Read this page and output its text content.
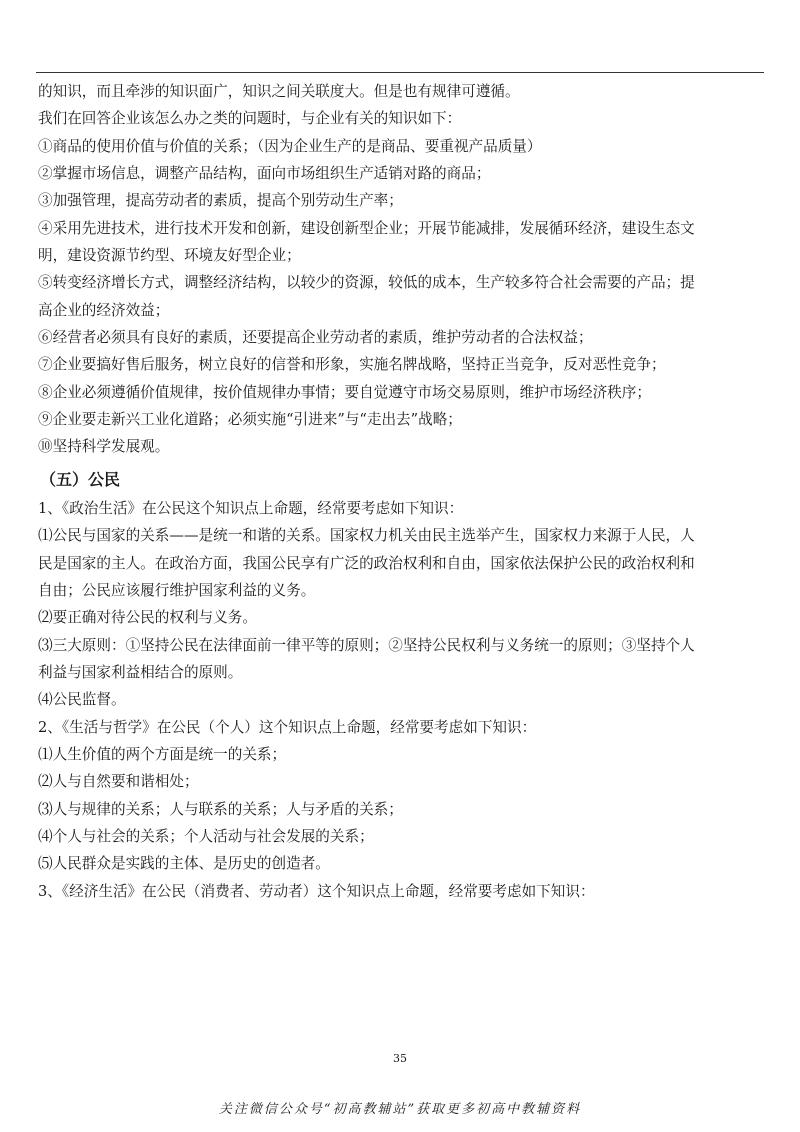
的知识，而且牵涉的知识面广，知识之间关联度大。但是也有规律可遵循。
我们在回答企业该怎么办之类的问题时，与企业有关的知识如下：
①商品的使用价值与价值的关系；（因为企业生产的是商品、要重视产品质量）
②掌握市场信息，调整产品结构，面向市场组织生产适销对路的商品；
③加强管理，提高劳动者的素质，提高个别劳动生产率；
④采用先进技术，进行技术开发和创新，建设创新型企业；开展节能减排，发展循环经济，建设生态文
明，建设资源节约型、环境友好型企业；
⑤转变经济增长方式，调整经济结构，以较少的资源，较低的成本，生产较多符合社会需要的产品；提
高企业的经济效益；
⑥经营者必须具有良好的素质，还要提高企业劳动者的素质，维护劳动者的合法权益；
⑦企业要搞好售后服务，树立良好的信誉和形象，实施名牌战略，坚持正当竞争，反对恶性竞争；
⑧企业必须遵循价值规律，按价值规律办事情；要自觉遵守市场交易原则，维护市场经济秩序；
⑨企业要走新兴工业化道路；必须实施“引进来”与“走出去”战略；
⑩坚持科学发展观。
（五）公民
1、《政治生活》在公民这个知识点上命题，经常要考虑如下知识：
⑴公民与国家的关系——是统一和谐的关系。国家权力机关由民主选举产生，国家权力来源于人民，人
民是国家的主人。在政治方面，我国公民享有广泛的政治权利和自由，国家依法保护公民的政治权利和
自由；公民应该履行维护国家利益的义务。
⑵要正确对待公民的权利与义务。
⑶三大原则：①坚持公民在法律面前一律平等的原则；②坚持公民权利与义务统一的原则；③坚持个人
利益与国家利益相结合的原则。
⑷公民监督。
2、《生活与哲学》在公民（个人）这个知识点上命题，经常要考虑如下知识：
⑴人生价值的两个方面是统一的关系；
⑵人与自然要和谐相处；
⑶人与规律的关系；人与联系的关系；人与矛盾的关系；
⑷个人与社会的关系；个人活动与社会发展的关系；
⑸人民群众是实践的主体、是历史的创造者。
3、《经济生活》在公民（消费者、劳动者）这个知识点上命题，经常要考虑如下知识：
35
关注微信公众号“初高教辅站”获取更多初高中教辅资料
